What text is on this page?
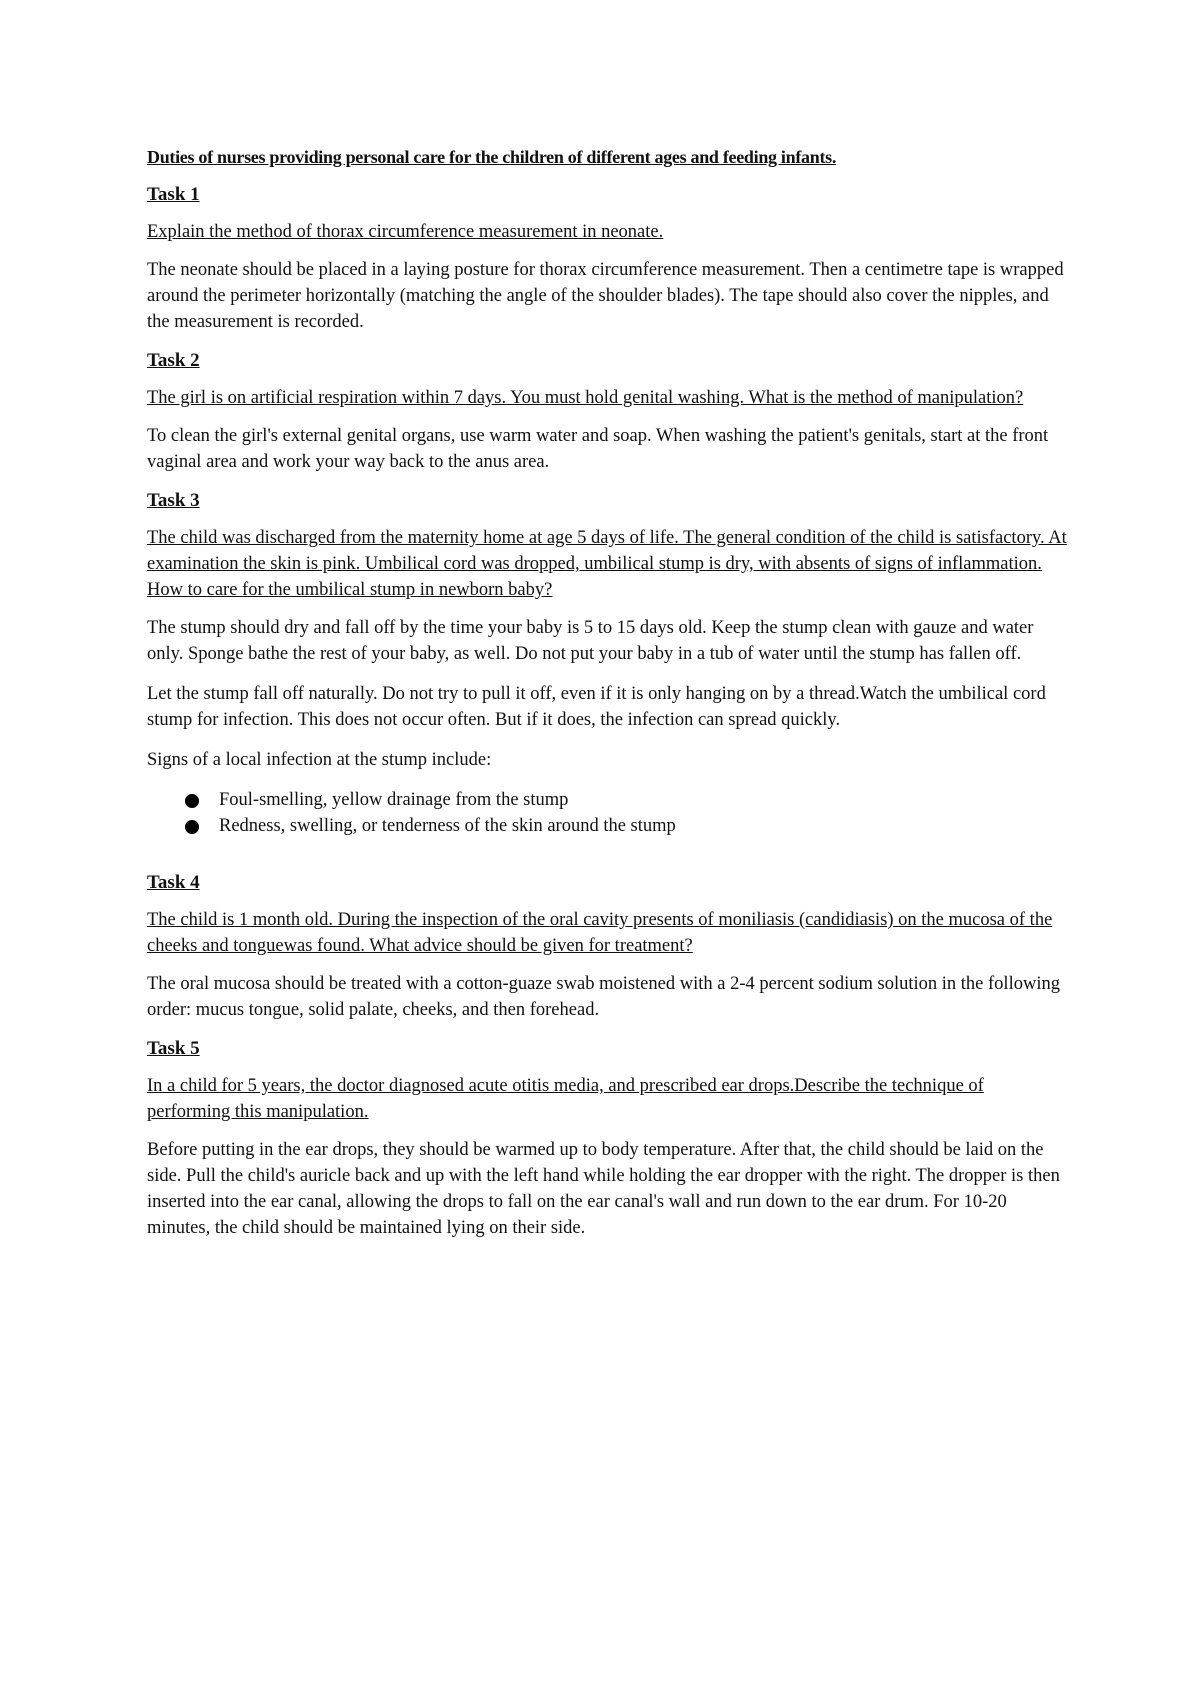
Duties of nurses providing personal care for the children of different ages and feeding infants.

Task 1

Explain the method of thorax circumference measurement in neonate.

The neonate should be placed in a laying posture for thorax circumference measurement. Then a centimetre tape is wrapped around the perimeter horizontally (matching the angle of the shoulder blades). The tape should also cover the nipples, and the measurement is recorded.

Task 2

The girl is on artificial respiration within 7 days. You must hold genital washing. What is the method of manipulation?

To clean the girl's external genital organs, use warm water and soap. When washing the patient's genitals, start at the front vaginal area and work your way back to the anus area.

Task 3

The child was discharged from the maternity home at age 5 days of life. The general condition of the child is satisfactory. At examination the skin is pink. Umbilical cord was dropped, umbilical stump is dry, with absents of signs of inflammation. How to care for the umbilical stump in newborn baby?

The stump should dry and fall off by the time your baby is 5 to 15 days old. Keep the stump clean with gauze and water only. Sponge bathe the rest of your baby, as well. Do not put your baby in a tub of water until the stump has fallen off.

Let the stump fall off naturally. Do not try to pull it off, even if it is only hanging on by a thread.Watch the umbilical cord stump for infection. This does not occur often. But if it does, the infection can spread quickly.

Signs of a local infection at the stump include:

Foul-smelling, yellow drainage from the stump
Redness, swelling, or tenderness of the skin around the stump

Task 4

The child is 1 month old. During the inspection of the oral cavity presents of moniliasis (candidiasis) on the mucosa of the cheeks and tonguewas found. What advice should be given for treatment?

The oral mucosa should be treated with a cotton-guaze swab moistened with a 2-4 percent sodium solution in the following order: mucus tongue, solid palate, cheeks, and then forehead.

Task 5

In a child for 5 years, the doctor diagnosed acute otitis media, and prescribed ear drops.Describe the technique of performing this manipulation.

Before putting in the ear drops, they should be warmed up to body temperature. After that, the child should be laid on the side. Pull the child's auricle back and up with the left hand while holding the ear dropper with the right. The dropper is then inserted into the ear canal, allowing the drops to fall on the ear canal's wall and run down to the ear drum. For 10-20 minutes, the child should be maintained lying on their side.
